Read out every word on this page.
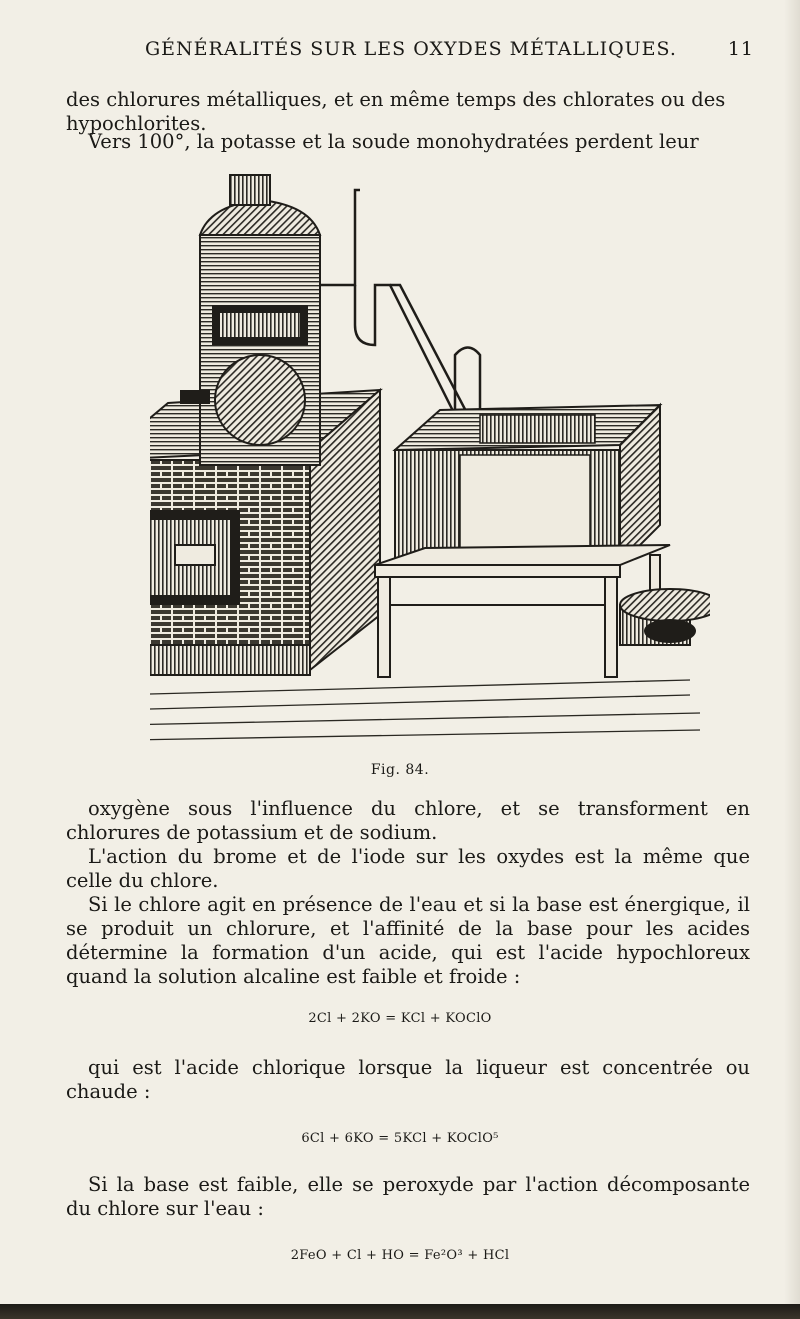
GÉNÉRALITÉS SUR LES OXYDES MÉTALLIQUES.	11

des chlorures métalliques, et en même temps des chlorates ou des hypochlorites.

Vers 100°, la potasse et la soude monohydratées perdent leur

Fig. 84.

oxygène sous l'influence du chlore, et se transforment en chlorures de potassium et de sodium.

L'action du brome et de l'iode sur les oxydes est la même que celle du chlore.

Si le chlore agit en présence de l'eau et si la base est énergique, il se produit un chlorure, et l'affinité de la base pour les acides détermine la formation d'un acide, qui est l'acide hypochloreux quand la solution alcaline est faible et froide :

2Cl + 2KO = KCl + KOClO

qui est l'acide chlorique lorsque la liqueur est concentrée ou chaude :

6Cl + 6KO = 5KCl + KOClO⁵

Si la base est faible, elle se peroxyde par l'action décomposante du chlore sur l'eau :

2FeO + Cl + HO = Fe²O³ + HCl
